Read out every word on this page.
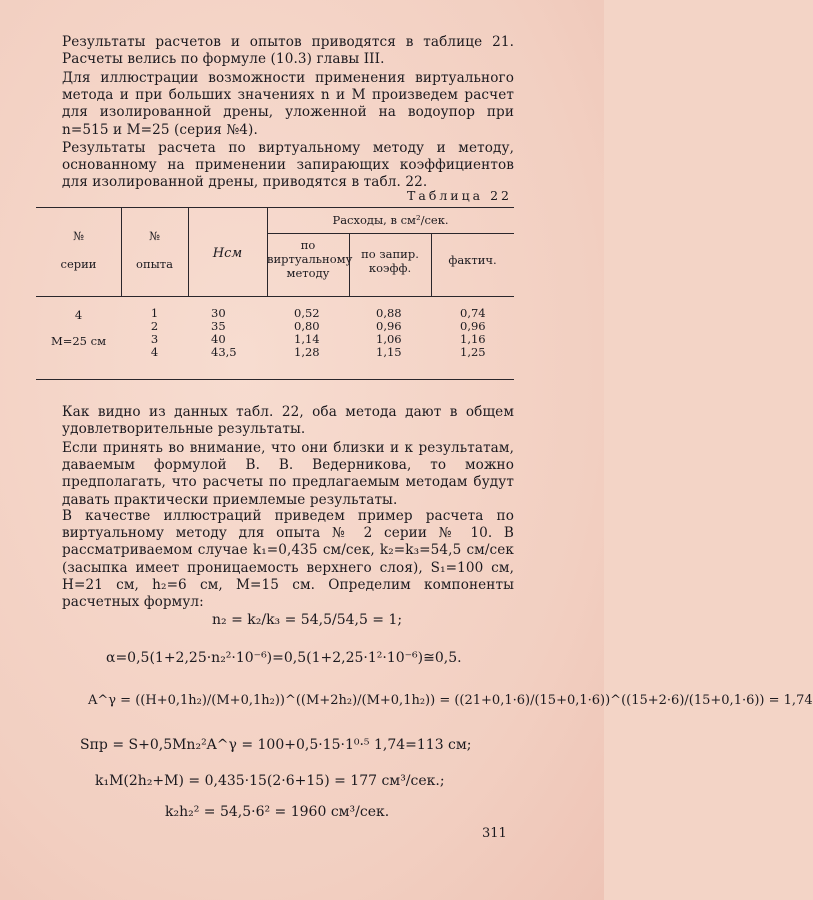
Результаты расчетов и опытов приводятся в таблице 21. Расчеты велись по формуле (10.3) главы III.

Для иллюстрации возможности применения виртуального метода и при больших значениях n и M произведем расчет для изолированной дрены, уложенной на водоупор при n=515 и M=25 (серия №4).

Результаты расчета по виртуальному методу и методу, основанному на применении запирающих коэффициентов для изолированной дрены, приводятся в табл. 22.

Таблица 22
№
серии
№
опыта
Hсм
Расходы, в см²/сек.
по виртуальному методу
по запир. коэфф.
фактич.
4
M=25 см
1	30	0,52	0,88	0,74
2	35	0,80	0,96	0,96
3	40	1,14	1,06	1,16
4	43,5	1,28	1,15	1,25

Как видно из данных табл. 22, оба метода дают в общем удовлетворительные результаты.

Если принять во внимание, что они близки и к результатам, даваемым формулой В. В. Ведерникова, то можно предполагать, что расчеты по предлагаемым методам будут давать практически приемлемые результаты.

В качестве иллюстраций приведем пример расчета по виртуальному методу для опыта № 2 серии № 10. В рассматриваемом случае k₁=0,435 см/сек, k₂=k₃=54,5 см/сек (засыпка имеет проницаемость верхнего слоя), S₁=100 см, H=21 см, h₂=6 см, M=15 см. Определим компоненты расчетных формул:

n₂ = k₂/k₃ = 54,5/54,5 = 1;
α=0,5(1+2,25·n₂²·10⁻⁶)=0,5(1+2,25·1²·10⁻⁶)≅0,5.
A^γ = ((H+0,1h₂)/(M+0,1h₂))^((M+2h₂)/(M+0,1h₂)) = ((21+0,1·6)/(15+0,1·6))^((15+2·6)/(15+0,1·6)) = 1,74
Sпр = S+0,5Mn₂²A^γ = 100+0,5·15·1⁰·⁵ 1,74=113 см;
k₁M(2h₂+M) = 0,435·15(2·6+15) = 177 см³/сек.;
k₂h₂² = 54,5·6² = 1960 см³/сек.
311
